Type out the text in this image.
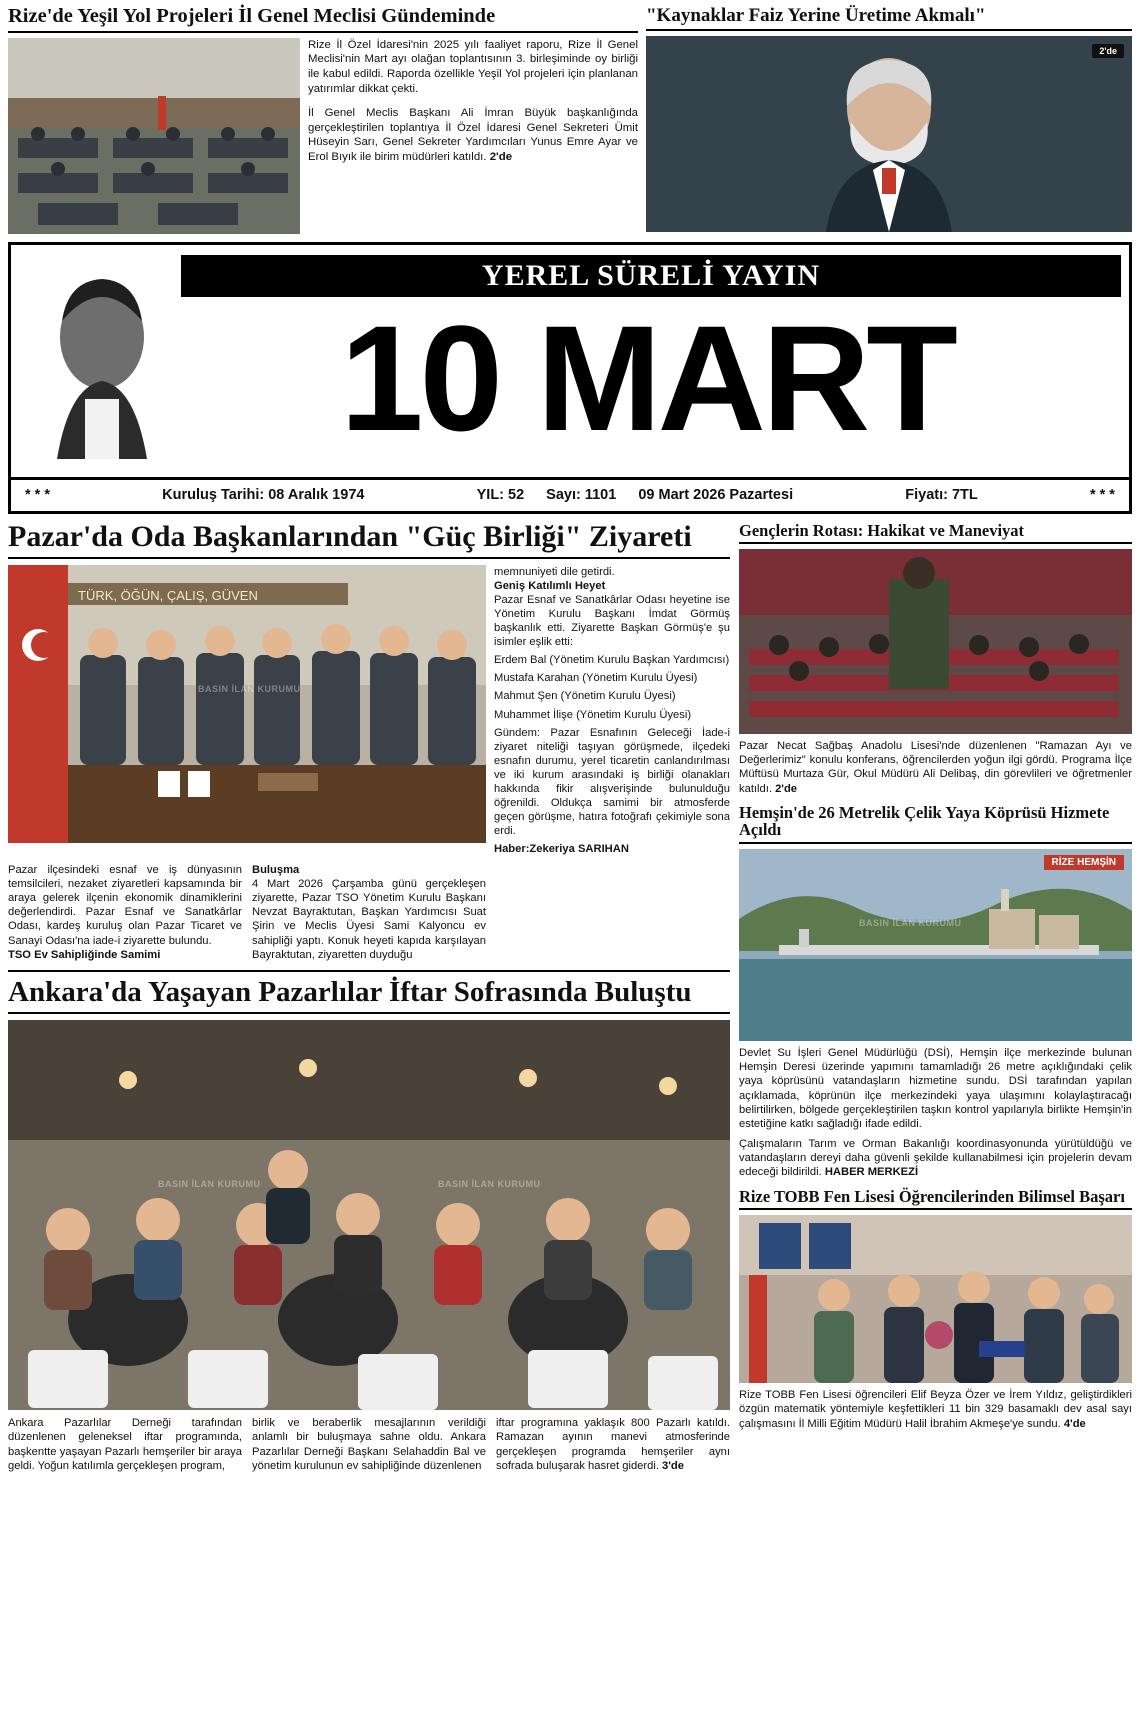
Rize'de Yeşil Yol Projeleri İl Genel Meclisi Gündeminde

Rize İl Özel İdaresi'nin 2025 yılı faaliyet raporu, Rize İl Genel Meclisi'nin Mart ayı olağan toplantısının 3. birleşiminde oy birliği ile kabul edildi. Raporda özellikle Yeşil Yol projeleri için planlanan yatırımlar dikkat çekti.

İl Genel Meclis Başkanı Ali İmran Büyük başkanlığında gerçekleştirilen toplantıya İl Özel İdaresi Genel Sekreteri Ümit Hüseyin Sarı, Genel Sekreter Yardımcıları Yunus Emre Ayar ve Erol Bıyık ile birim müdürleri katıldı. 2'de

"Kaynaklar Faiz Yerine Üretime Akmalı"
2'de
YEREL SÜRELİ YAYIN
10 MART
* * *	Kuruluş Tarihi: 08 Aralık 1974	YIL: 52 Sayı: 1101 09 Mart 2026 Pazartesi	Fiyatı: 7TL	* * *
Pazar'da Oda Başkanlarından "Güç Birliği" Ziyareti
TÜRK, ÖĞÜN, ÇALIŞ, GÜVEN
BASIN İLAN KURUMU
memnuniyeti dile getirdi.
Geniş Katılımlı Heyet
Pazar Esnaf ve Sanatkârlar Odası heyetine ise Yönetim Kurulu Başkanı İmdat Görmüş başkanlık etti. Ziyarette Başkan Görmüş'e şu isimler eşlik etti:
Erdem Bal (Yönetim Kurulu Başkan Yardımcısı)
Mustafa Karahan (Yönetim Kurulu Üyesi)
Mahmut Şen (Yönetim Kurulu Üyesi)
Muhammet İlişe (Yönetim Kurulu Üyesi)
Gündem: Pazar Esnafının Geleceği İade-i ziyaret niteliği taşıyan görüşmede, ilçedeki esnafın durumu, yerel ticaretin canlandırılması ve iki kurum arasındaki iş birliği olanakları hakkında fikir alışverişinde bulunulduğu öğrenildi. Oldukça samimi bir atmosferde geçen görüşme, hatıra fotoğrafı çekimiyle sona erdi.
Haber:Zekeriya SARIHAN
Pazar ilçesindeki esnaf ve iş dünyasının temsilcileri, nezaket ziyaretleri kapsamında bir araya gelerek ilçenin ekonomik dinamiklerini değerlendirdi. Pazar Esnaf ve Sanatkârlar Odası, kardeş kuruluş olan Pazar Ticaret ve Sanayi Odası'na iade-i ziyarette bulundu.
TSO Ev Sahipliğinde Samimi
Buluşma
4 Mart 2026 Çarşamba günü gerçekleşen ziyarette, Pazar TSO Yönetim Kurulu Başkanı Nevzat Bayraktutan, Başkan Yardımcısı Suat Şirin ve Meclis Üyesi Sami Kalyoncu ev sahipliği yaptı. Konuk heyeti kapıda karşılayan Bayraktutan, ziyaretten duyduğu
Ankara'da Yaşayan Pazarlılar İftar Sofrasında Buluştu
BASIN İLAN KURUMU	BASIN İLAN KURUMU
Ankara Pazarlılar Derneği tarafından düzenlenen geleneksel iftar programında, başkentte yaşayan Pazarlı hemşeriler bir araya geldi. Yoğun katılımla gerçekleşen program,
birlik ve beraberlik mesajlarının verildiği anlamlı bir buluşmaya sahne oldu. Ankara Pazarlılar Derneği Başkanı Selahaddin Bal ve yönetim kurulunun ev sahipliğinde düzenlenen
iftar programına yaklaşık 800 Pazarlı katıldı. Ramazan ayının manevi atmosferinde gerçekleşen programda hemşeriler aynı sofrada buluşarak hasret giderdi. 3'de
Gençlerin Rotası: Hakikat ve Maneviyat
Pazar Necat Sağbaş Anadolu Lisesi'nde düzenlenen "Ramazan Ayı ve Değerlerimiz" konulu konferans, öğrencilerden yoğun ilgi gördü. Programa İlçe Müftüsü Murtaza Gür, Okul Müdürü Ali Delibaş, din görevlileri ve öğretmenler katıldı. 2'de
Hemşin'de 26 Metrelik Çelik Yaya Köprüsü Hizmete Açıldı
RİZE HEMŞİN
BASIN İLAN KURUMU
Devlet Su İşleri Genel Müdürlüğü (DSİ), Hemşin ilçe merkezinde bulunan Hemşin Deresi üzerinde yapımını tamamladığı 26 metre açıklığındaki çelik yaya köprüsünü vatandaşların hizmetine sundu. DSİ tarafından yapılan açıklamada, köprünün ilçe merkezindeki yaya ulaşımını kolaylaştıracağı belirtilirken, bölgede gerçekleştirilen taşkın kontrol yapılarıyla birlikte Hemşin'in estetiğine katkı sağladığı ifade edildi.
Çalışmaların Tarım ve Orman Bakanlığı koordinasyonunda yürütüldüğü ve vatandaşların dereyi daha güvenli şekilde kullanabilmesi için projelerin devam edeceği bildirildi. HABER MERKEZİ
Rize TOBB Fen Lisesi Öğrencilerinden Bilimsel Başarı
Rize TOBB Fen Lisesi öğrencileri Elif Beyza Özer ve İrem Yıldız, geliştirdikleri özgün matematik yöntemiyle keşfettikleri 11 bin 329 basamaklı dev asal sayı çalışmasını İl Milli Eğitim Müdürü Halil İbrahim Akmeşe'ye sundu. 4'de
